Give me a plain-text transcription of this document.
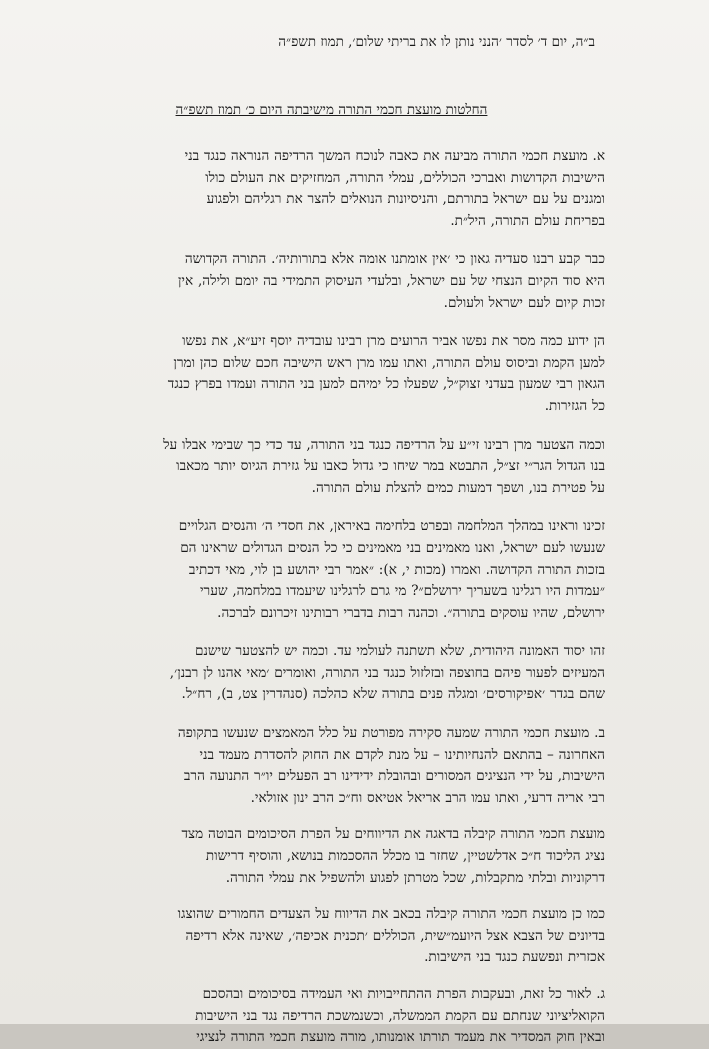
ב״ה, יום ד׳ לסדר ׳הנני נותן לו את בריתי שלום׳, תמוז תשפ״ה
החלטות מועצת חכמי התורה מישיבתה היום כ׳ תמוז תשפ״ה
א. מועצת חכמי התורה מביעה את כאבה לנוכח המשך הרדיפה הנוראה כנגד בני
הישיבות הקדושות ואברכי הכוללים, עמלי התורה, המחזיקים את העולם כולו
ומגנים על עם ישראל בתורתם, והניסיונות הנואלים להצר את רגליהם ולפגוע
בפריחת עולם התורה, היל״ת.
כבר קבע רבנו סעדיה גאון כי ׳אין אומתנו אומה אלא בתורותיה׳. התורה הקדושה
היא סוד הקיום הנצחי של עם ישראל, ובלעדי העיסוק התמידי בה יומם ולילה, אין
זכות קיום לעם ישראל ולעולם.
הן ידוע כמה מסר את נפשו אביר הרועים מרן רבינו עובדיה יוסף זיע״א, את נפשו
למען הקמת וביסוס עולם התורה, ואתו עמו מרן ראש הישיבה חכם שלום כהן ומרן
הגאון רבי שמעון בעדני זצוק״ל, שפעלו כל ימיהם למען בני התורה ועמדו בפרץ כנגד
כל הגזירות.
וכמה הצטער מרן רבינו זי״ע על הרדיפה כנגד בני התורה, עד כדי כך שבימי אבלו על
בנו הגדול הגר״י זצ״ל, התבטא במר שיחו כי גדול כאבו על גזירת הגיוס יותר מכאבו
על פטירת בנו, ושפך דמעות כמים להצלת עולם התורה.
זכינו וראינו במהלך המלחמה ובפרט בלחימה באיראן, את חסדי ה׳ והנסים הגלויים
שנעשו לעם ישראל, ואנו מאמינים בני מאמינים כי כל הנסים הגדולים שראינו הם
בזכות התורה הקדושה. ואמרו (מכות י, א): ״אמר רבי יהושע בן לוי, מאי דכתיב
״עמדות היו רגלינו בשעריך ירושלם״? מי גרם לרגלינו שיעמדו במלחמה, שערי
ירושלם, שהיו עוסקים בתורה״. וכהנה רבות בדברי רבותינו זיכרונם לברכה.
זהו יסוד האמונה היהודית, שלא תשתנה לעולמי עד. וכמה יש להצטער שישנם
המעיזים לפעור פיהם בחוצפה ובזלזול כנגד בני התורה, ואומרים ׳מאי אהנו לן רבנן׳,
שהם בגדר ׳אפיקורסים׳ ומגלה פנים בתורה שלא כהלכה (סנהדרין צט, ב), רח״ל.
ב. מועצת חכמי התורה שמעה סקירה מפורטת על כלל המאמצים שנעשו בתקופה
האחרונה – בהתאם להנחיותינו – על מנת לקדם את החוק להסדרת מעמד בני
הישיבות, על ידי הנציגים המסורים ובהובלת ידידינו רב הפעלים יו״ר התנועה הרב
רבי אריה דרעי, ואתו עמו הרב אריאל אטיאס וח״כ הרב ינון אזולאי.
מועצת חכמי התורה קיבלה בדאגה את הדיווחים על הפרת הסיכומים הבוטה מצד
נציג הליכוד ח״כ אדלשטיין, שחזר בו מכלל ההסכמות בנושא, והוסיף דרישות
דרקוניות ובלתי מתקבלות, שכל מטרתן לפגוע ולהשפיל את עמלי התורה.
כמו כן מועצת חכמי התורה קיבלה בכאב את הדיווח על הצעדים החמורים שהוצגו
בדיונים של הצבא אצל היועמ״שית, הכוללים ׳תכנית אכיפה׳, שאינה אלא רדיפה
אכזרית ונפשעת כנגד בני הישיבות.
ג. לאור כל זאת, ובעקבות הפרת ההתחייבויות ואי העמידה בסיכומים ובהסכם
הקואליציוני שנחתם עם הקמת הממשלה, וכשנמשכת הרדיפה נגד בני הישיבות
ובאין חוק המסדיר את מעמד תורתו אומנותו, מורה מועצת חכמי התורה לנציגי
